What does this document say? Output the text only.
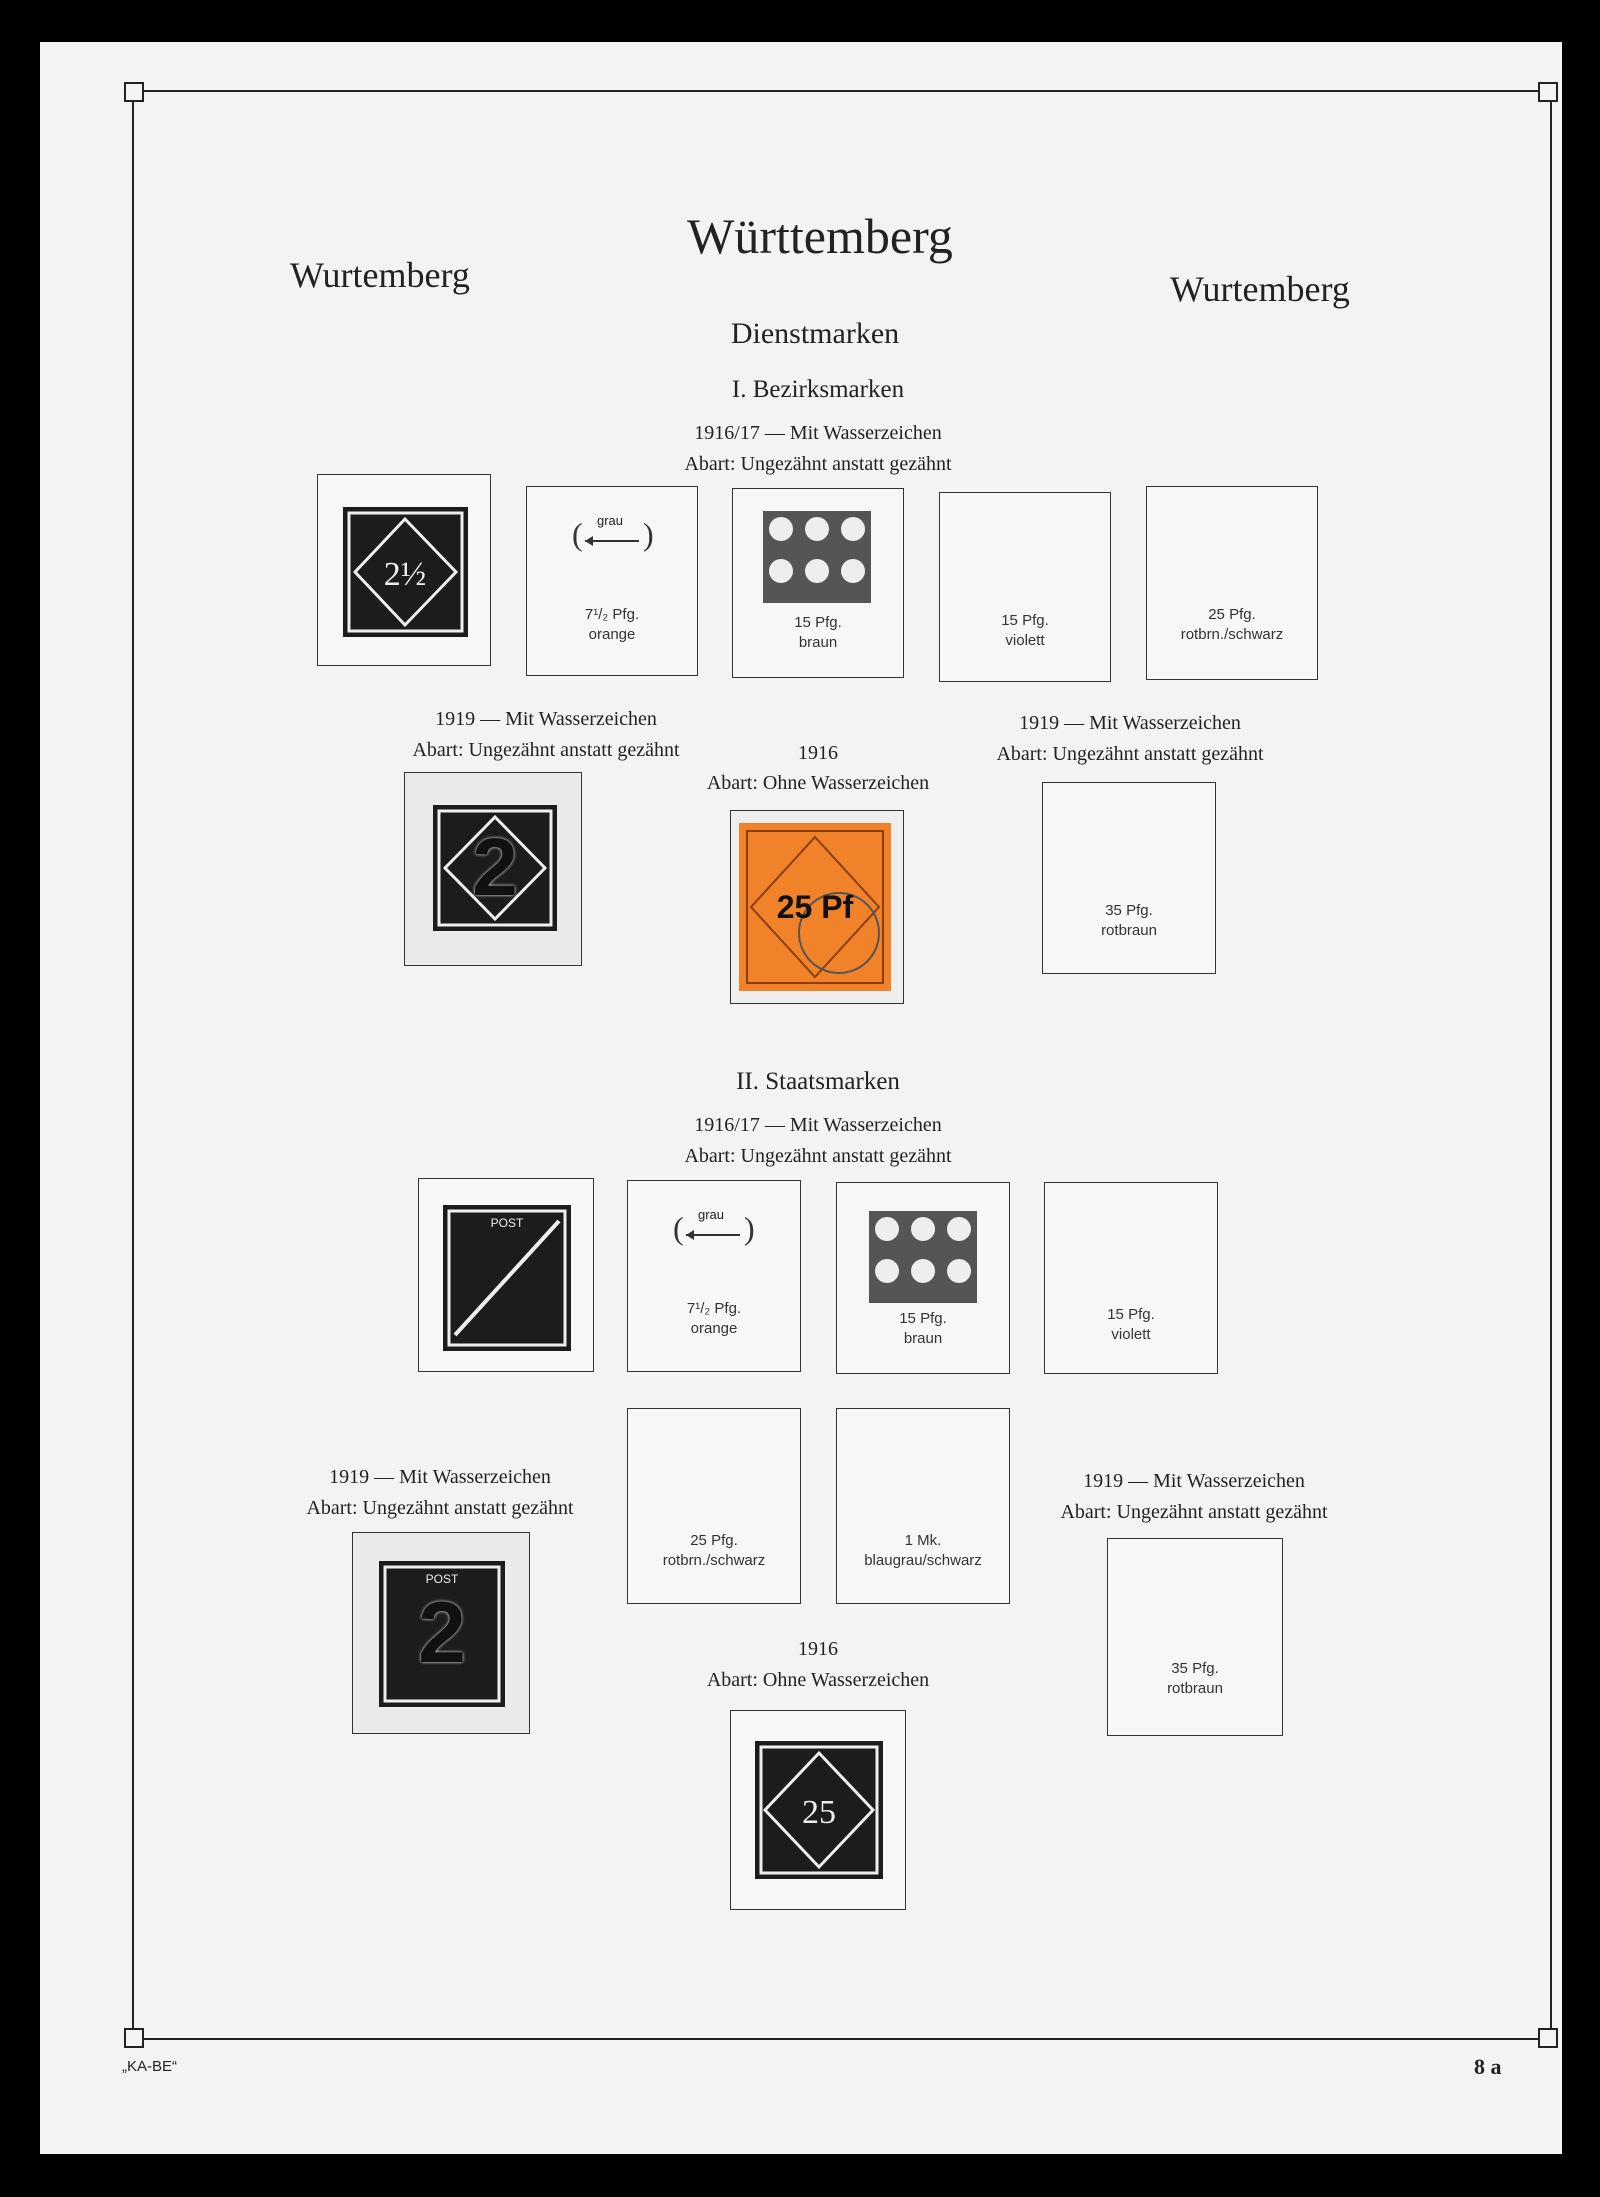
Württemberg
Wurtemberg	Wurtemberg
Dienstmarken
I. Bezirksmarken
1916/17 — Mit Wasserzeichen
Abart: Ungezähnt anstatt gezähnt
2½
( )
grau
7¹/₂ Pfg.
orange
15 Pfg.
braun
15 Pfg.
violett
25 Pfg.
rotbrn./schwarz
1919 — Mit Wasserzeichen
Abart: Ungezähnt anstatt gezähnt	1916
Abart: Ohne Wasserzeichen
1919 — Mit Wasserzeichen
Abart: Ungezähnt anstatt gezähnt
2	25 Pf	35 Pfg.
rotbraun
II. Staatsmarken
1916/17 — Mit Wasserzeichen
Abart: Ungezähnt anstatt gezähnt
POST	( )
grau
7¹/₂ Pfg.
orange
15 Pfg.
braun
15 Pfg.
violett
25 Pfg.
rotbrn./schwarz
1 Mk.
blaugrau/schwarz
1919 — Mit Wasserzeichen
Abart: Ungezähnt anstatt gezähnt
1919 — Mit Wasserzeichen
Abart: Ungezähnt anstatt gezähnt
POST
2	35 Pfg.
rotbraun
1916
Abart: Ohne Wasserzeichen
25
„KA-BE“	8 a
